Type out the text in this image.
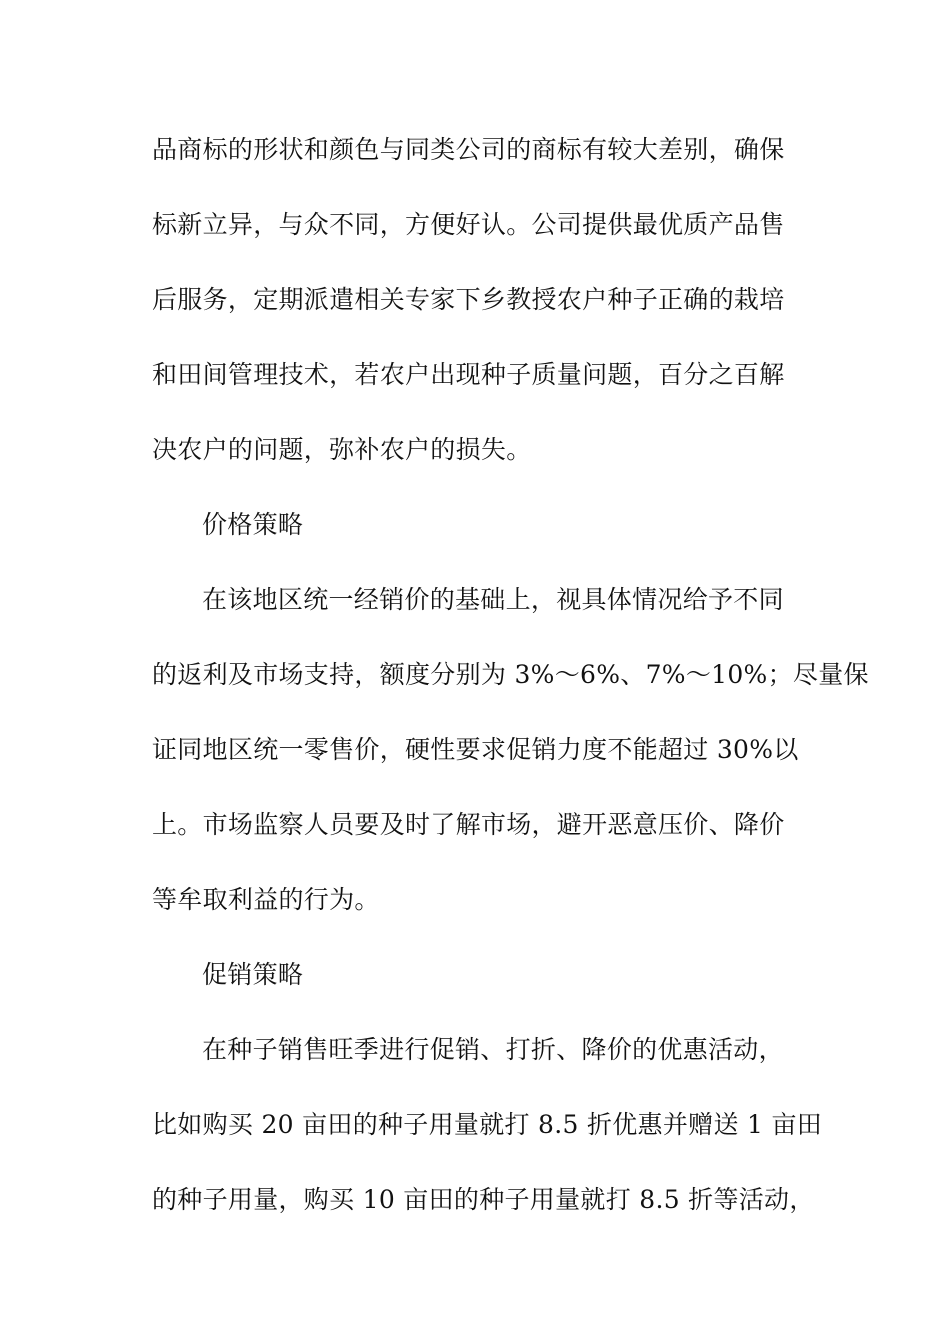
品商标的形状和颜色与同类公司的商标有较大差别，确保
标新立异，与众不同，方便好认。公司提供最优质产品售
后服务，定期派遣相关专家下乡教授农户种子正确的栽培
和田间管理技术，若农户出现种子质量问题，百分之百解
决农户的问题，弥补农户的损失。
价格策略
在该地区统一经销价的基础上，视具体情况给予不同
的返利及市场支持，额度分别为 3%～6%、7%～10%；尽量保
证同地区统一零售价，硬性要求促销力度不能超过 30%以
上。市场监察人员要及时了解市场，避开恶意压价、降价
等牟取利益的行为。
促销策略
在种子销售旺季进行促销、打折、降价的优惠活动，
比如购买 20 亩田的种子用量就打 8.5 折优惠并赠送 1 亩田
的种子用量，购买 10 亩田的种子用量就打 8.5 折等活动，
